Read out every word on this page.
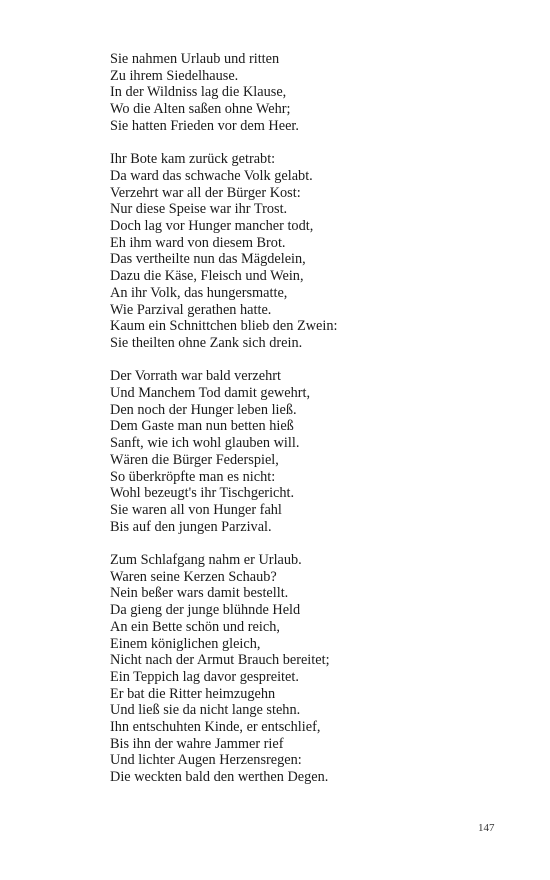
Sie nahmen Urlaub und ritten
Zu ihrem Siedelhause.
In der Wildniss lag die Klause,
Wo die Alten saßen ohne Wehr;
Sie hatten Frieden vor dem Heer.
Ihr Bote kam zurück getrabt:
Da ward das schwache Volk gelabt.
Verzehrt war all der Bürger Kost:
Nur diese Speise war ihr Trost.
Doch lag vor Hunger mancher todt,
Eh ihm ward von diesem Brot.
Das vertheilte nun das Mägdelein,
Dazu die Käse, Fleisch und Wein,
An ihr Volk, das hungersmatte,
Wie Parzival gerathen hatte.
Kaum ein Schnittchen blieb den Zwein:
Sie theilten ohne Zank sich drein.
Der Vorrath war bald verzehrt
Und Manchem Tod damit gewehrt,
Den noch der Hunger leben ließ.
Dem Gaste man nun betten hieß
Sanft, wie ich wohl glauben will.
Wären die Bürger Federspiel,
So überkröpfte man es nicht:
Wohl bezeugt's ihr Tischgericht.
Sie waren all von Hunger fahl
Bis auf den jungen Parzival.
Zum Schlafgang nahm er Urlaub.
Waren seine Kerzen Schaub?
Nein beßer wars damit bestellt.
Da gieng der junge blühnde Held
An ein Bette schön und reich,
Einem königlichen gleich,
Nicht nach der Armut Brauch bereitet;
Ein Teppich lag davor gespreitet.
Er bat die Ritter heimzugehn
Und ließ sie da nicht lange stehn.
Ihn entschuhten Kinde, er entschlief,
Bis ihn der wahre Jammer rief
Und lichter Augen Herzensregen:
Die weckten bald den werthen Degen.
147
